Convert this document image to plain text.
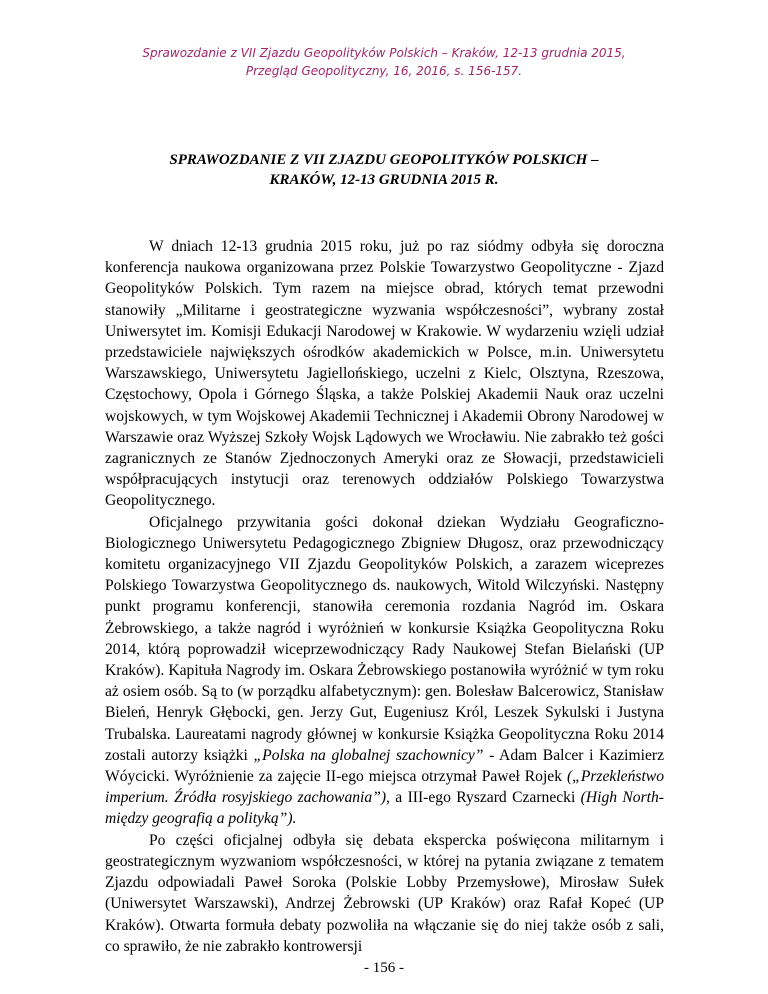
Sprawozdanie z VII Zjazdu Geopolityków Polskich – Kraków, 12-13 grudnia 2015,
Przegląd Geopolityczny, 16, 2016, s. 156-157.
SPRAWOZDANIE Z VII ZJAZDU GEOPOLITYKÓW POLSKICH –
KRAKÓW, 12-13 GRUDNIA 2015 R.

W dniach 12-13 grudnia 2015 roku, już po raz siódmy odbyła się doroczna konferencja naukowa organizowana przez Polskie Towarzystwo Geopolityczne - Zjazd Geopolityków Polskich. Tym razem na miejsce obrad, których temat przewodni stanowiły „Militarne i geostrategiczne wyzwania współczesności”, wybrany został Uniwersytet im. Komisji Edukacji Narodowej w Krakowie. W wydarzeniu wzięli udział przedstawiciele największych ośrodków akademickich w Polsce, m.in. Uniwersytetu Warszawskiego, Uniwersytetu Jagiellońskiego, uczelni z Kielc, Olsztyna, Rzeszowa, Częstochowy, Opola i Górnego Śląska, a także Polskiej Akademii Nauk oraz uczelni wojskowych, w tym Wojskowej Akademii Technicznej i Akademii Obrony Narodowej w Warszawie oraz Wyższej Szkoły Wojsk Lądowych we Wrocławiu. Nie zabrakło też gości zagranicznych ze Stanów Zjednoczonych Ameryki oraz ze Słowacji, przedstawicieli współpracujących instytucji oraz terenowych oddziałów Polskiego Towarzystwa Geopolitycznego.

Oficjalnego przywitania gości dokonał dziekan Wydziału Geograficzno-Biologicznego Uniwersytetu Pedagogicznego Zbigniew Długosz, oraz przewodniczący komitetu organizacyjnego VII Zjazdu Geopolityków Polskich, a zarazem wiceprezes Polskiego Towarzystwa Geopolitycznego ds. naukowych, Witold Wilczyński. Następny punkt programu konferencji, stanowiła ceremonia rozdania Nagród im. Oskara Żebrowskiego, a także nagród i wyróżnień w konkursie Książka Geopolityczna Roku 2014, którą poprowadził wiceprzewodniczący Rady Naukowej Stefan Bielański (UP Kraków). Kapituła Nagrody im. Oskara Żebrowskiego postanowiła wyróżnić w tym roku aż osiem osób. Są to (w porządku alfabetycznym): gen. Bolesław Balcerowicz, Stanisław Bieleń, Henryk Głębocki, gen. Jerzy Gut, Eugeniusz Król, Leszek Sykulski i Justyna Trubalska. Laureatami nagrody głównej w konkursie Książka Geopolityczna Roku 2014 zostali autorzy książki „Polska na globalnej szachownicy” - Adam Balcer i Kazimierz Wóycicki. Wyróżnienie za zajęcie II-ego miejsca otrzymał Paweł Rojek („Przekleństwo imperium. Źródła rosyjskiego zachowania”), a III-ego Ryszard Czarnecki (High North- między geografią a polityką”).

Po części oficjalnej odbyła się debata ekspercka poświęcona militarnym i geostrategicznym wyzwaniom współczesności, w której na pytania związane z tematem Zjazdu odpowiadali Paweł Soroka (Polskie Lobby Przemysłowe), Mirosław Sułek (Uniwersytet Warszawski), Andrzej Żebrowski (UP Kraków) oraz Rafał Kopeć (UP Kraków). Otwarta formuła debaty pozwoliła na włączanie się do niej także osób z sali, co sprawiło, że nie zabrakło kontrowersji

- 156 -
